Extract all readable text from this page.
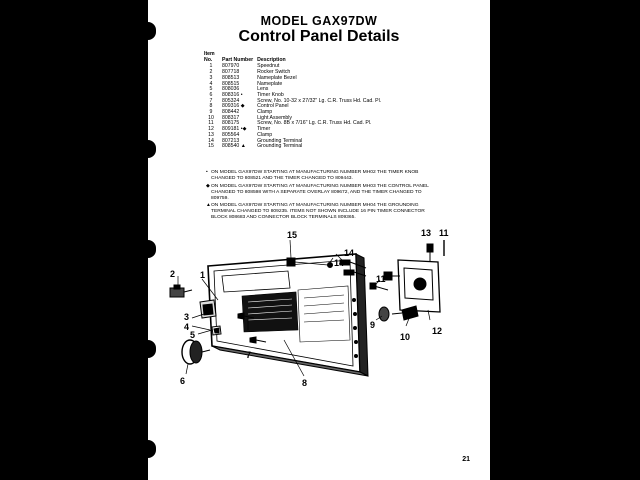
MODEL GAX97DW
Control Panel Details
Item
No.	Part Number	Description
1	807970	Speednut
2	807718	Rocker Switch
3	808513	Nameplate Bezel
4	808515	Nameplate
5	808036	Lens
6	808316 •	Timer Knob
7	805324	Screw, No. 10-32 x 27/32" Lg. C.R. Truss Hd. Cad. Pl.
8	809316 ◆	Control Panel
9	808442	Clamp
10	808317	Light Assembly
11	808175	Screw, No. 8B x 7/16" Lg. C.R. Truss Hd. Cad. Pl.
12	809181 •◆	Timer
13	805564	Clamp
14	807213	Grounding Terminal
15	808540 ▲	Grounding Terminal
• ON MODEL GAX97DW STARTING AT MANUFACTURING NUMBER MH02 THE TIMER KNOB CHANGED TO 808521 AND THE TIMER CHANGED TO 809443.
◆ ON MODEL GAX97DW STARTING AT MANUFACTURING NUMBER MH03 THE CONTROL PANEL CHANGED TO 808598 WITH A SEPARATE OVERLAY 809672, AND THE TIMER CHANGED TO 809759.
▲ ON MODEL GAX97DW STARTING AT MANUFACTURING NUMBER MH04 THE GROUNDING TERMINAL CHANGED TO 809235. ITEMS NOT SHOWN INCLUDE 16 PIN TIMER CONNECTOR BLOCK 808683 AND CONNECTOR BLOCK TERMINALS 809365.
15
14
14
13 11
11
2	1
3
4
5
7
6	8
9
10
12
21
